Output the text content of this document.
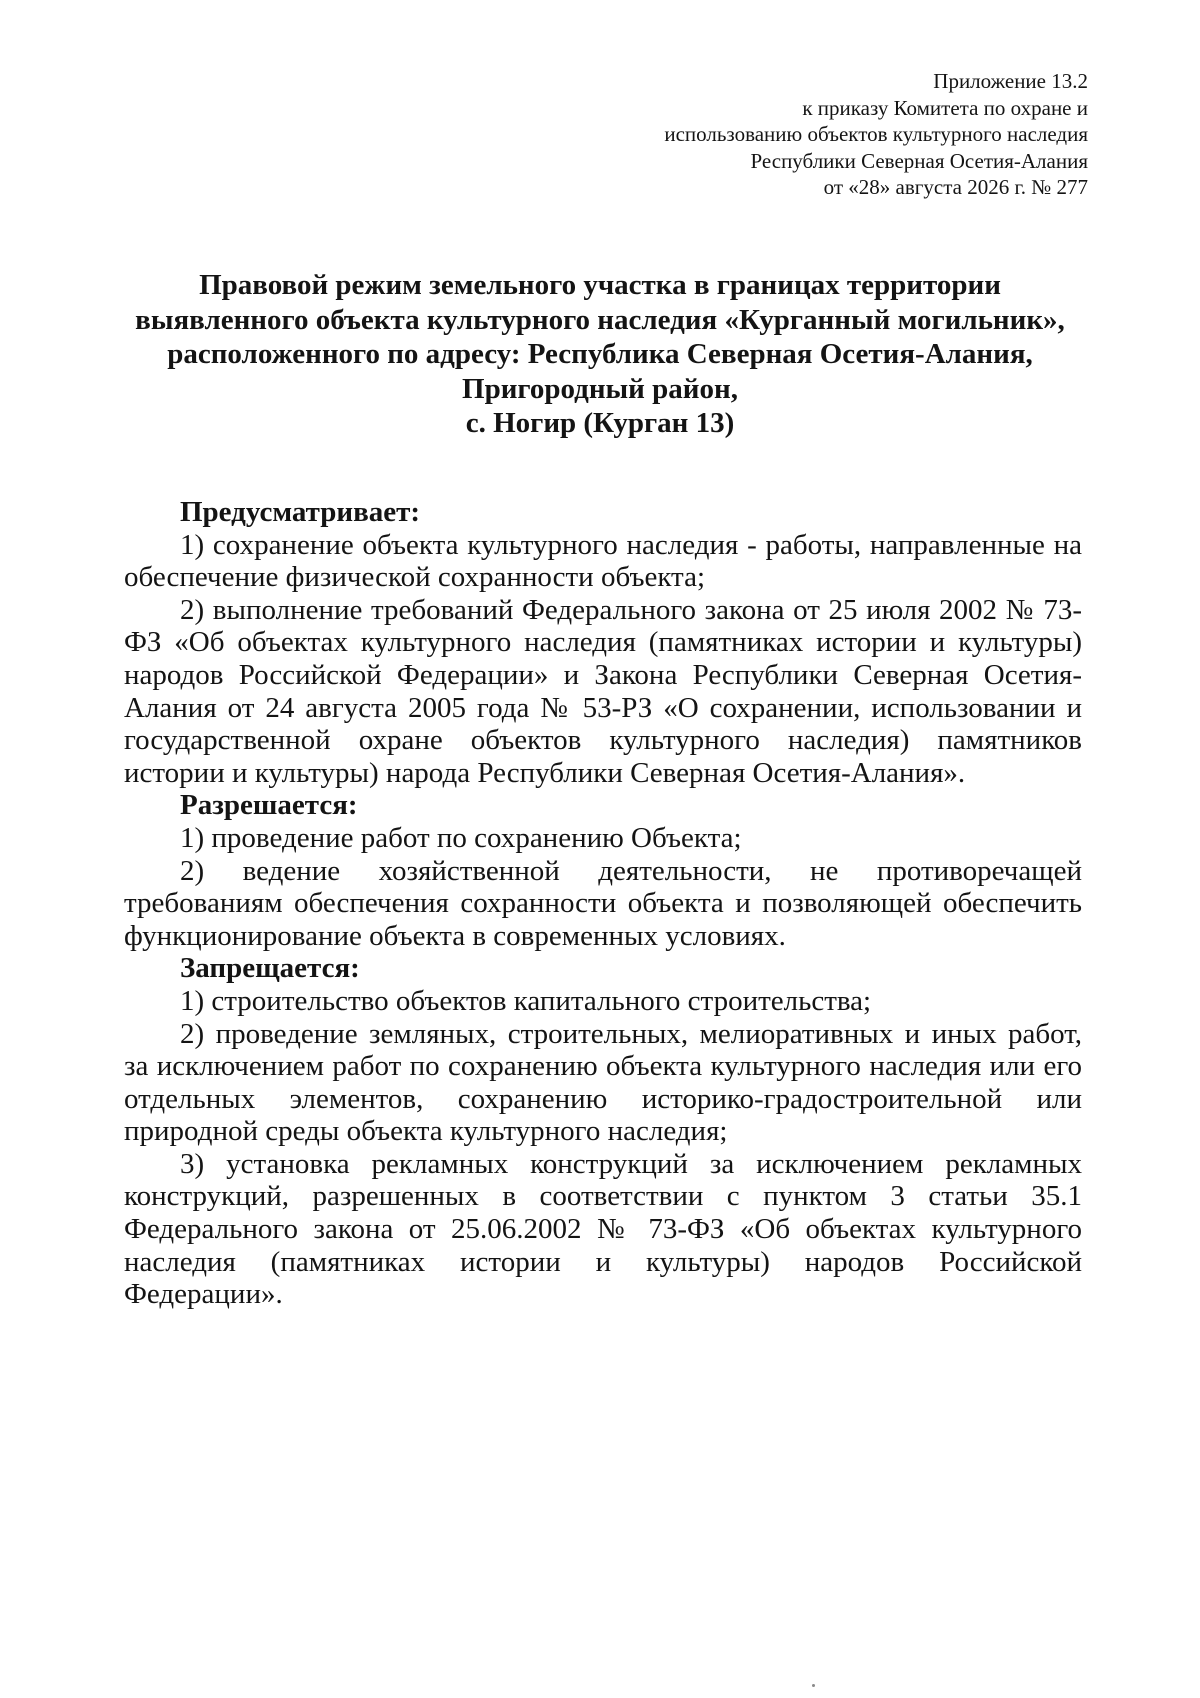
Приложение 13.2
к приказу Комитета по охране и
использованию объектов культурного наследия
Республики Северная Осетия-Алания
от «28» августа 2026 г. № 277
Правовой режим земельного участка в границах территории
выявленного объекта культурного наследия «Курганный могильник»,
расположенного по адресу: Республика Северная Осетия-Алания,
Пригородный район,
с. Ногир (Курган 13)
Предусматривает:
1) сохранение объекта культурного наследия - работы, направленные на обеспечение физической сохранности объекта;
2) выполнение требований Федерального закона от 25 июля 2002 № 73-ФЗ «Об объектах культурного наследия (памятниках истории и культуры) народов Российской Федерации» и Закона Республики Северная Осетия-Алания от 24 августа 2005 года № 53-РЗ «О сохранении, использовании и государственной охране объектов культурного наследия) памятников истории и культуры) народа Республики Северная Осетия-Алания».
Разрешается:
1) проведение работ по сохранению Объекта;
2) ведение хозяйственной деятельности, не противоречащей требованиям обеспечения сохранности объекта и позволяющей обеспечить функционирование объекта в современных условиях.
Запрещается:
1) строительство объектов капитального строительства;
2) проведение земляных, строительных, мелиоративных и иных работ, за исключением работ по сохранению объекта культурного наследия или его отдельных элементов, сохранению историко-градостроительной или природной среды объекта культурного наследия;
3) установка рекламных конструкций за исключением рекламных конструкций, разрешенных в соответствии с пунктом 3 статьи 35.1 Федерального закона от 25.06.2002 № 73-ФЗ «Об объектах культурного наследия (памятниках истории и культуры) народов Российской Федерации».
